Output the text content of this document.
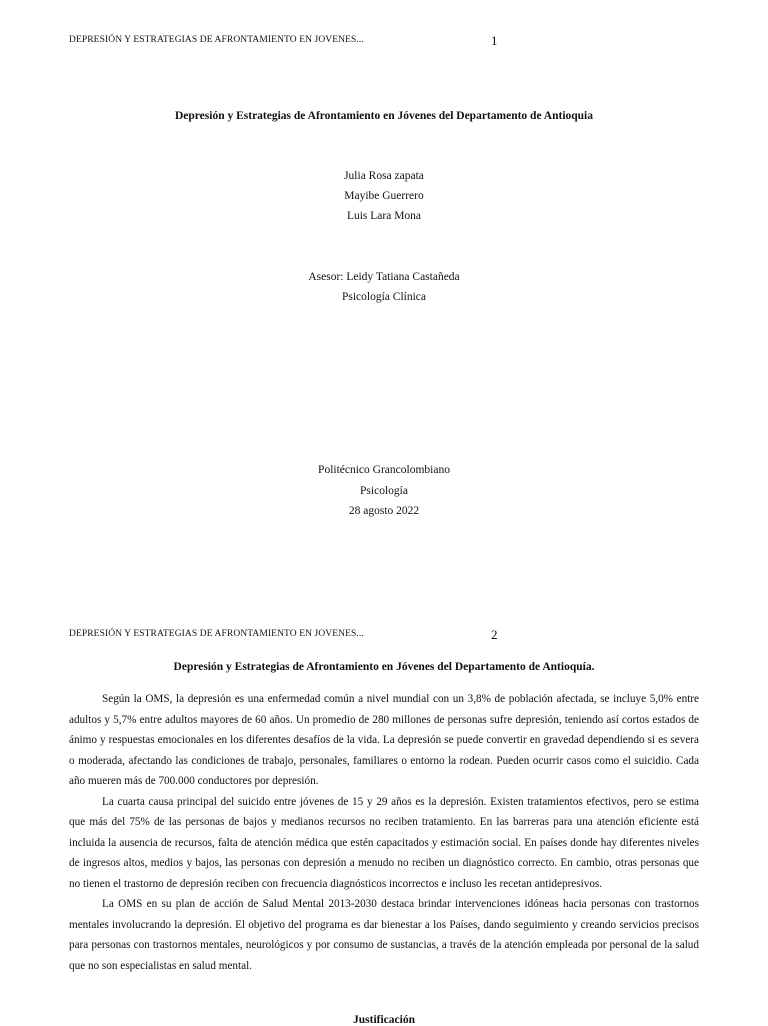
DEPRESIÓN Y ESTRATEGIAS DE AFRONTAMIENTO EN JOVENES...	1
Depresión y Estrategias de Afrontamiento en Jóvenes del Departamento de Antioquia
Julia Rosa zapata
Mayibe Guerrero
Luis Lara Mona
Asesor: Leidy Tatiana Castañeda
Psicología Clínica
Politécnico Grancolombiano
Psicología
28 agosto 2022
DEPRESIÓN Y ESTRATEGIAS DE AFRONTAMIENTO EN JOVENES...	2
Depresión y Estrategias de Afrontamiento en Jóvenes del Departamento de Antioquía.

Según la OMS, la depresión es una enfermedad común a nivel mundial con un 3,8% de población afectada, se incluye 5,0% entre adultos y 5,7% entre adultos mayores de 60 años. Un promedio de 280 millones de personas sufre depresión, teniendo así cortos estados de ánimo y respuestas emocionales en los diferentes desafíos de la vida. La depresión se puede convertir en gravedad dependiendo si es severa o moderada, afectando las condiciones de trabajo, personales, familiares o entorno la rodean. Pueden ocurrir casos como el suicidio. Cada año mueren más de 700.000 conductores por depresión.

La cuarta causa principal del suicido entre jóvenes de 15 y 29 años es la depresión. Existen tratamientos efectivos, pero se estima que más del 75% de las personas de bajos y medianos recursos no reciben tratamiento. En las barreras para una atención eficiente está incluida la ausencia de recursos, falta de atención médica que estén capacitados y estimación social. En países donde hay diferentes niveles de ingresos altos, medios y bajos, las personas con depresión a menudo no reciben un diagnóstico correcto. En cambio, otras personas que no tienen el trastorno de depresión reciben con frecuencia diagnósticos incorrectos e incluso les recetan antidepresivos.

La OMS en su plan de acción de Salud Mental 2013-2030 destaca brindar intervenciones idóneas hacia personas con trastornos mentales involucrando la depresión. El objetivo del programa es dar bienestar a los Países, dando seguimiento y creando servicios precisos para personas con trastornos mentales, neurológicos y por consumo de sustancias, a través de la atención empleada por personal de la salud que no son especialistas en salud mental.

Justificación
